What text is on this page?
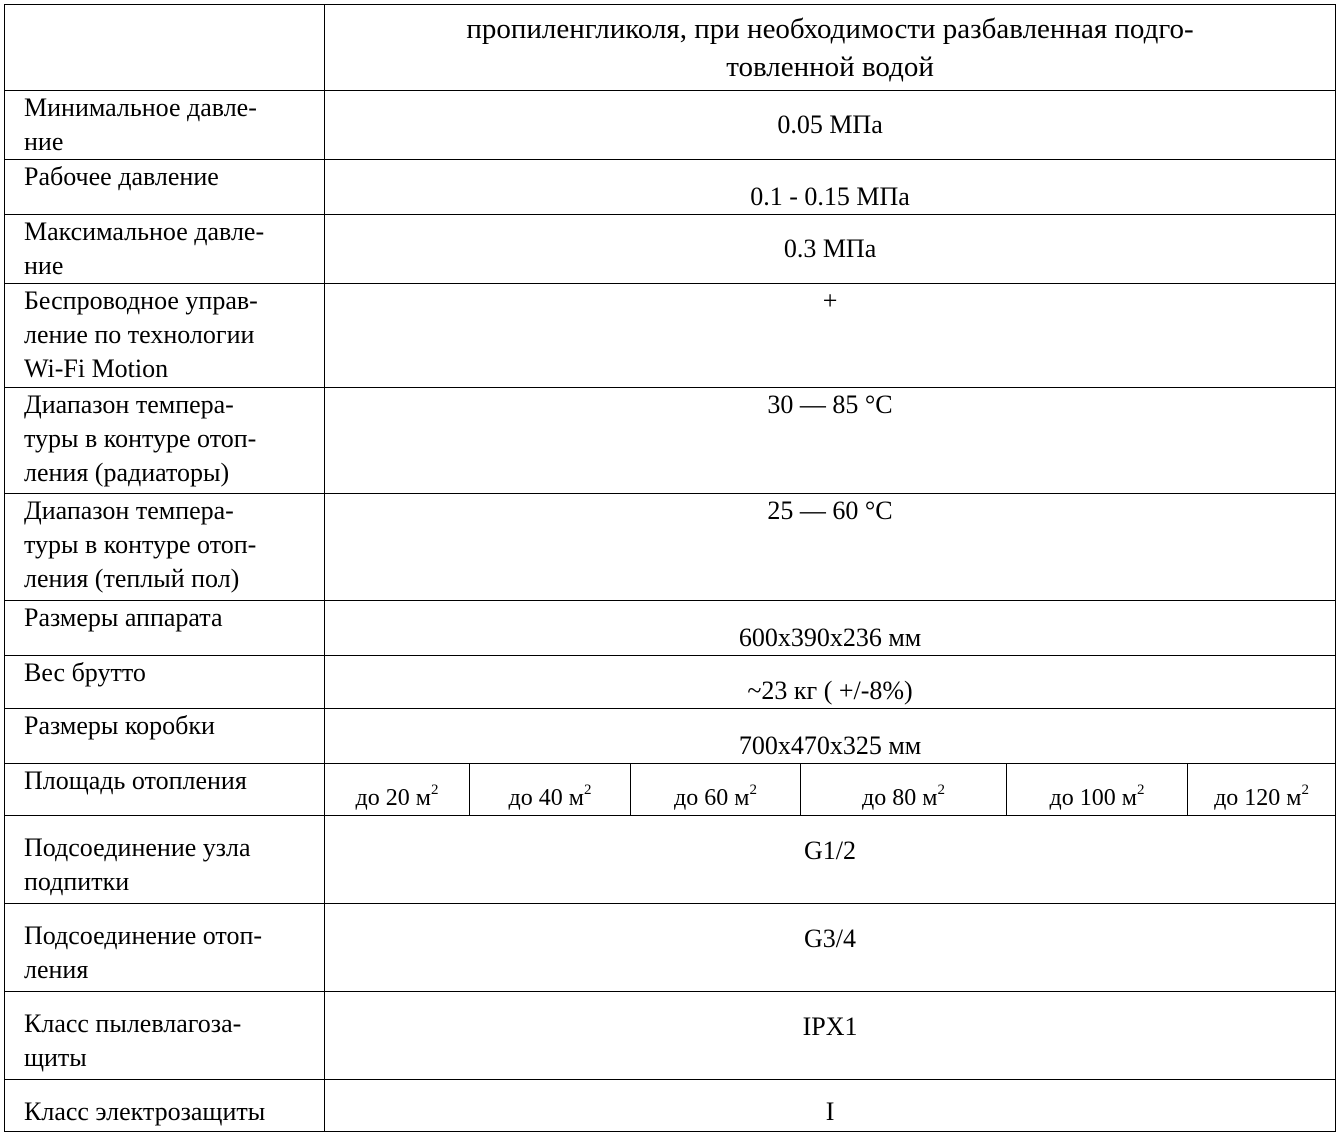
	пропиленгликоля, при необходимости разбавленная подго-
товленной водой					
Минимальное давле-
ние	0.05 МПа					
Рабочее давление	0.1 - 0.15 МПа					
Максимальное давле-
ние	0.3 МПа					
Беспроводное управ-
ление по технологии
Wi-Fi Motion	+					
Диапазон темпера-
туры в контуре отоп-
ления (радиаторы)	30 — 85 °C					
Диапазон темпера-
туры в контуре отоп-
ления (теплый пол)	25 — 60 °C					
Размеры аппарата	600х390х236 мм					
Вес брутто	~23 кг ( +/-8%)					
Размеры коробки	700х470х325 мм					
Площадь отопления	до 20 $м^2$	до 40 $м^2$	до 60 $м^2$	до 80 $м^2$	до 100 $м^2$	до 120 $м^2$
Подсоединение узла
подпитки	G1/2					
Подсоединение отоп-
ления	G3/4					
Класс пылевлагоза-
щиты	IPX1					
Класс электрозащиты	I					
